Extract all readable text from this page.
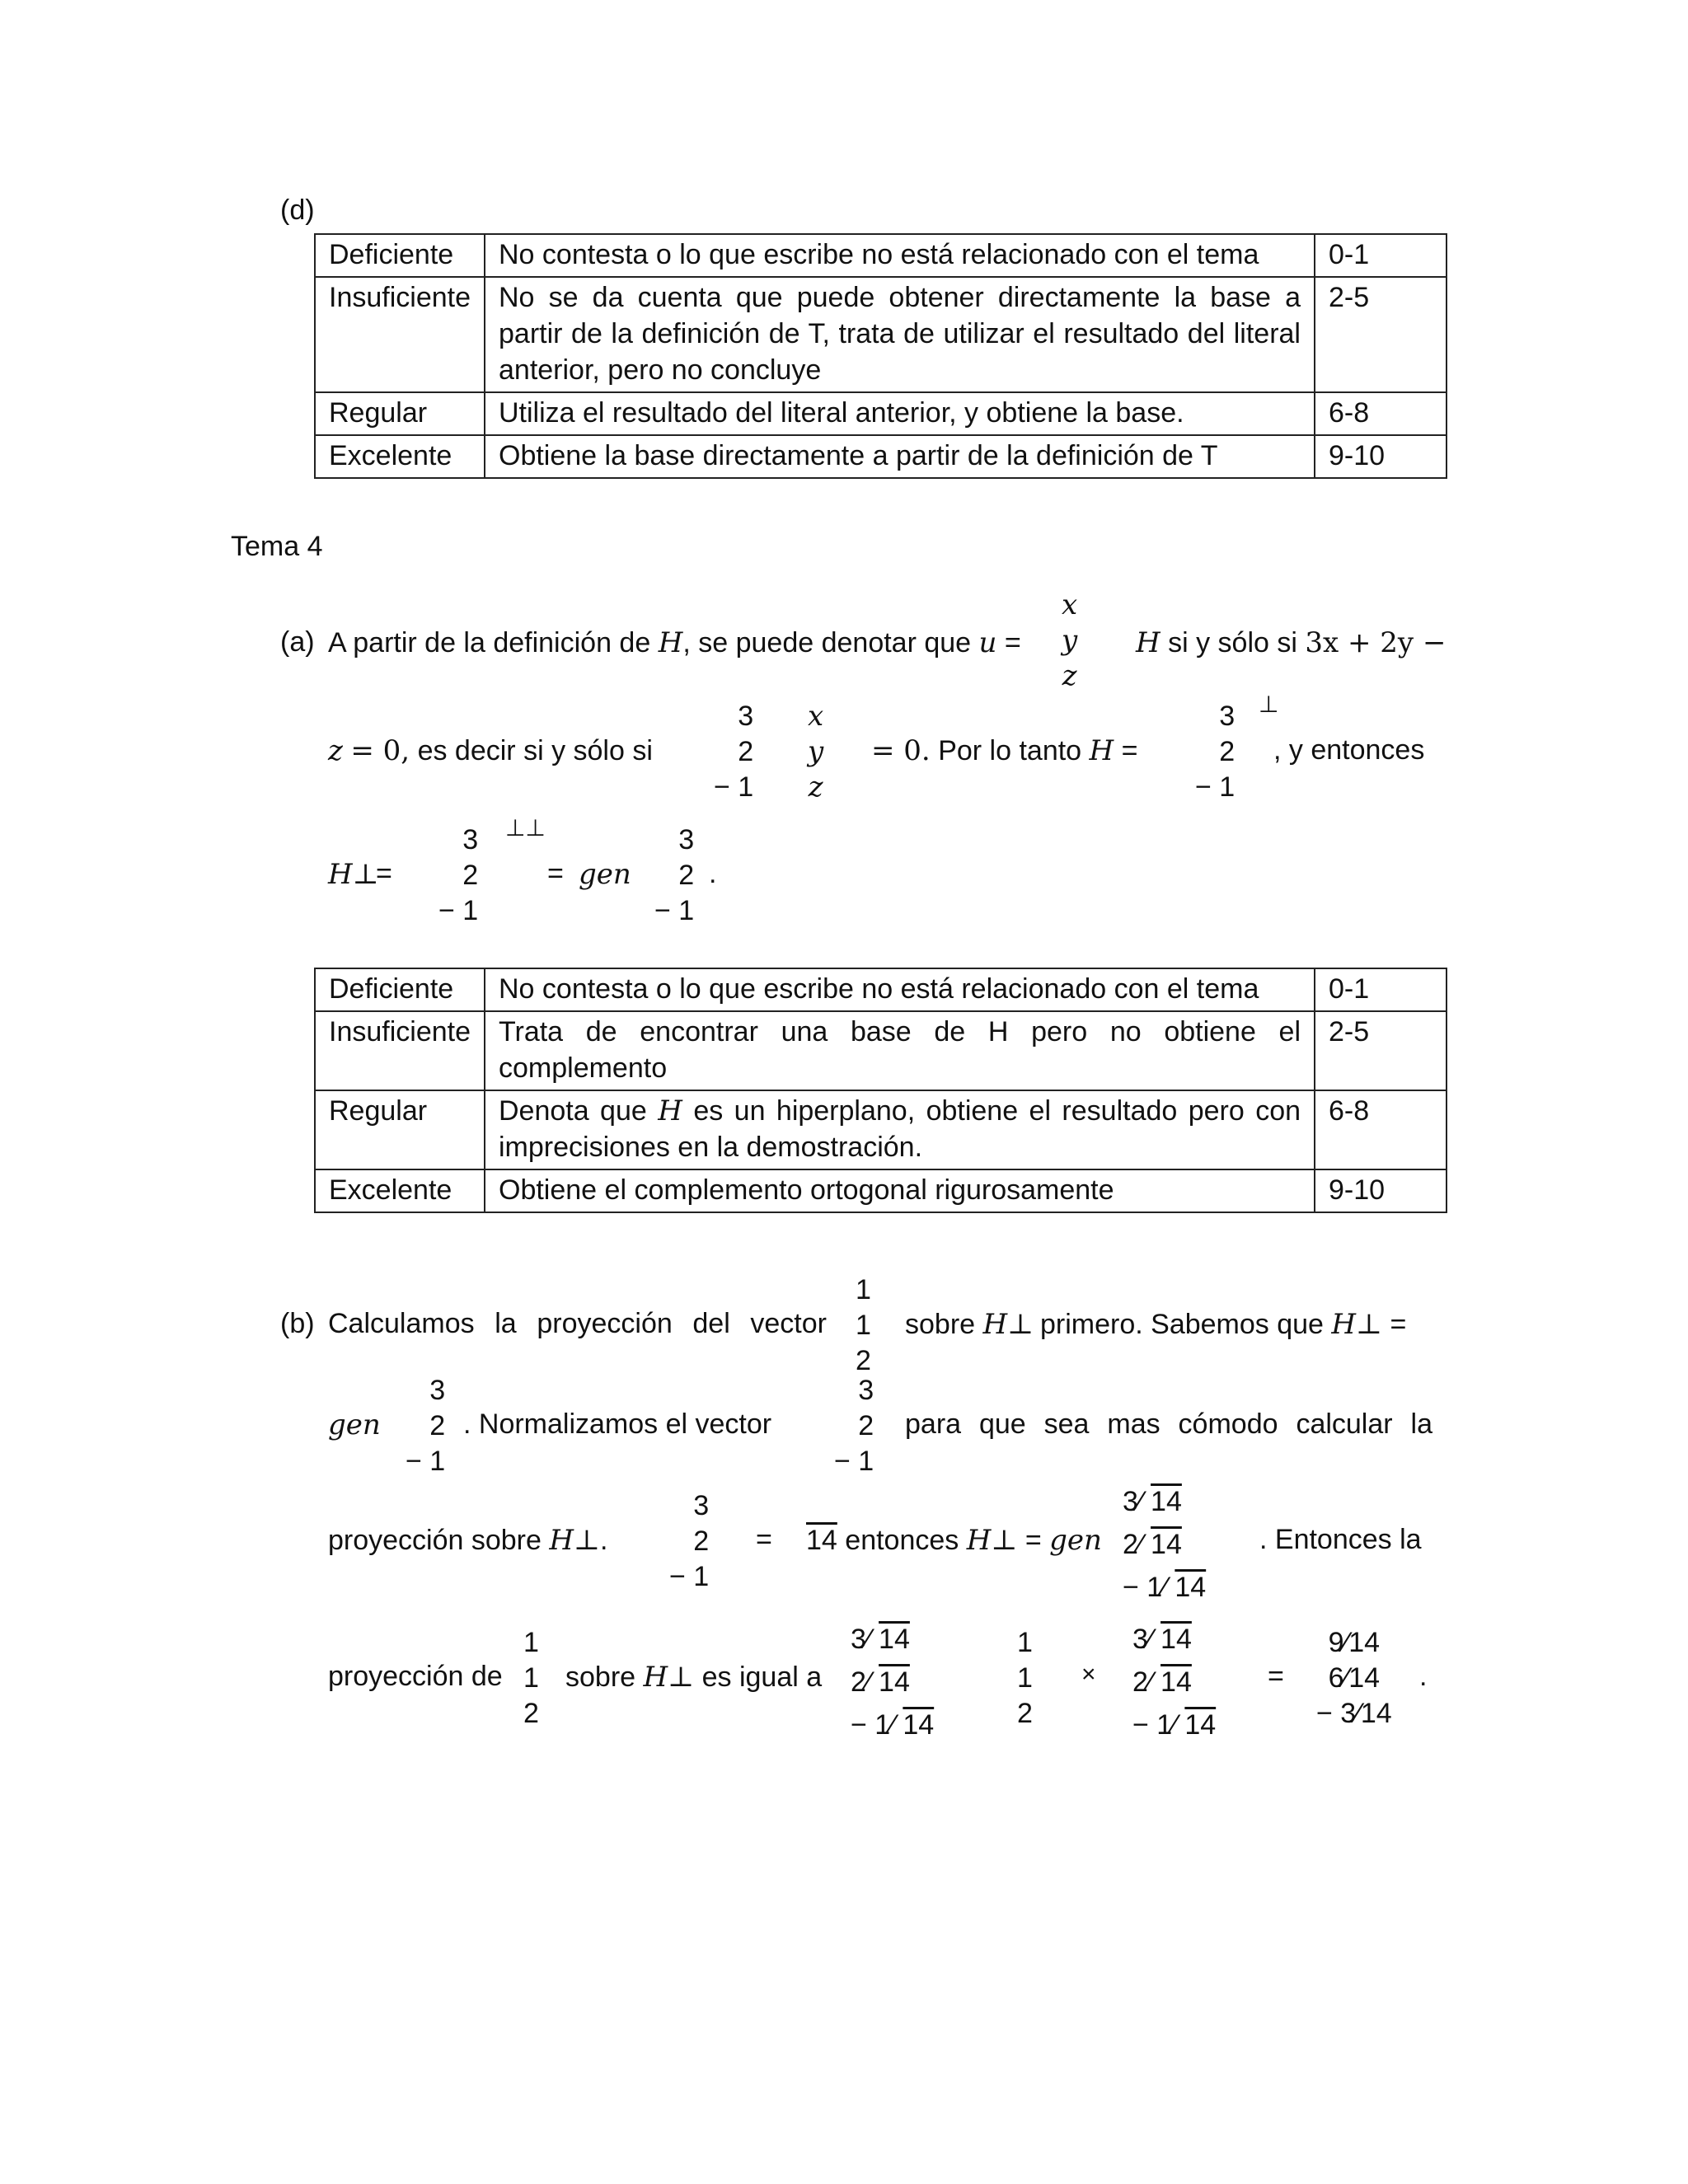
(d)
Deficiente	No contesta o lo que escribe no está relacionado con el tema	0-1
Insuficiente	No se da cuenta que puede obtener directamente la base a partir de la definición de T, trata de utilizar el resultado del literal anterior, pero no concluye	2-5
Regular	Utiliza el resultado del literal anterior, y obtiene la base.	6-8
Excelente	Obtiene la base directamente a partir de la definición de T	9-10
Tema 4
(a) A partir de la definición de H, se puede denotar que u =
x
y
z
H si y sólo si 3x + 2y −
z = 0, es decir si y sólo si
3
2
− 1
x
y
z
= 0. Por lo tanto H =
3
2
− 1
⊥
, y entonces
H⊥
=
3
2
− 1
⊥⊥
= gen
3
2
− 1
.
Deficiente	No contesta o lo que escribe no está relacionado con el tema	0-1
Insuficiente	Trata de encontrar una base de H pero no obtiene el complemento	2-5
Regular	Denota que H es un hiperplano, obtiene el resultado pero con imprecisiones en la demostración.	6-8
Excelente	Obtiene el complemento ortogonal rigurosamente	9-10
(b) Calculamos la proyección del vector
1
1
2
sobre H⊥ primero. Sabemos que H⊥ =
gen
3
2
− 1
. Normalizamos el vector
3
2
− 1
para que sea mas cómodo calcular la
proyección sobre H⊥.
3
2
− 1
= 14 entonces H⊥ = gen
3⁄ 14
2⁄ 14
− 1⁄ 14
. Entonces la
proyección de
1
1
2
sobre H⊥ es igual a
3⁄ 14
2⁄ 14
− 1⁄ 14
1
1
2
×
3⁄ 14
2⁄ 14
− 1⁄ 14
=
9⁄14
6⁄14
− 3⁄14
.
